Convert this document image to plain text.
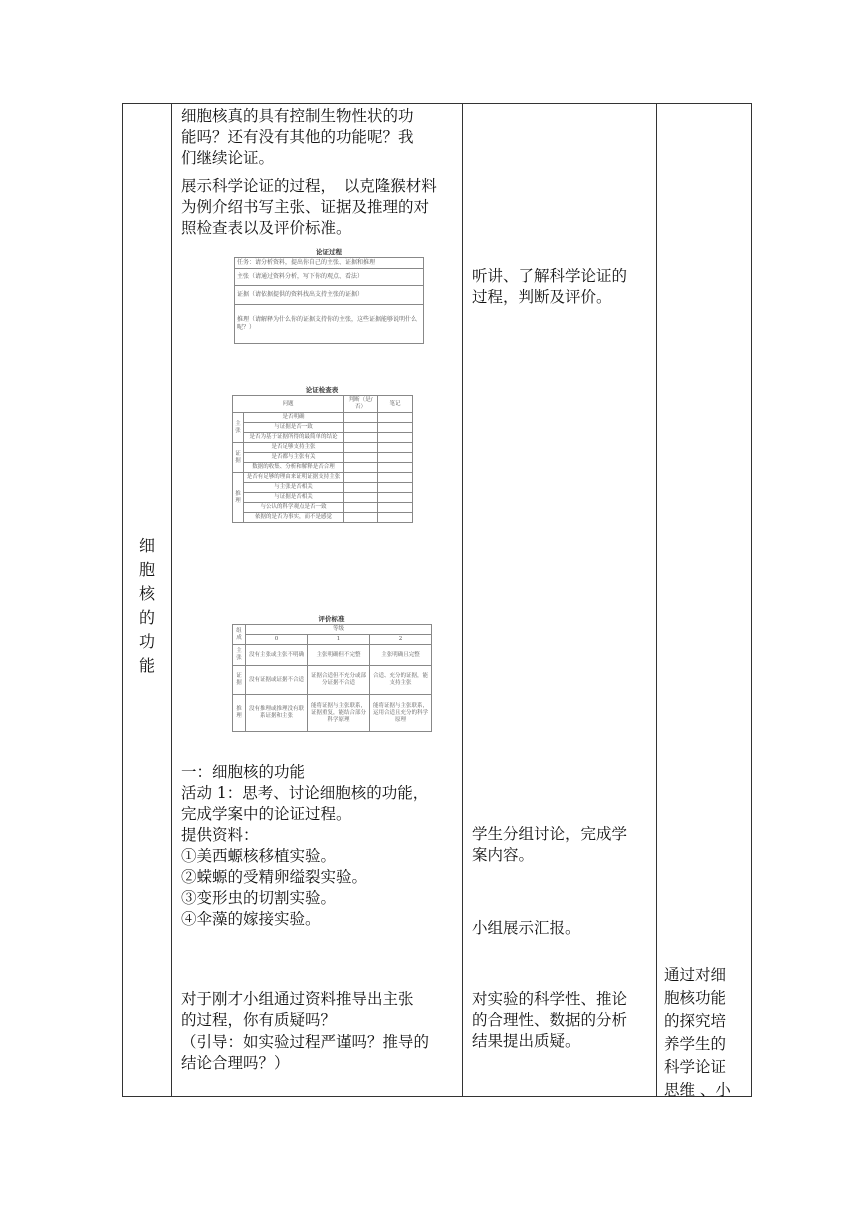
细
胞
核
的
功
能

细胞核真的具有控制生物性状的功
能吗？还有没有其他的功能呢？我
们继续论证。
展示科学论证的过程，　以克隆猴材料
为例介绍书写主张、证据及推理的对
照检查表以及评价标准。
论证过程
任务：请分析资料，提出你自己的主张、证据和推理
主张（请通过资料分析，写下你的观点、看法）
证据（请依据提供的资料找出支持主张的证据）
推理（请解释为什么你的证据支持你的主张，这些证据能够说明什么呢？）
论证检查表
问题	判断（是/否）	笔记
主张	是否明确		
与证据是否一致		
是否为基于证据所得的最简单的结论		
证据	是否足够支持主张		
是否都与主张有关		
数据的收集、分析和解释是否合理		
推理	是否有足够的理由来证明证据支持主张		
与主张是否相关		
与证据是否相关		
与公认的科学观点是否一致		
依据的是否为事实，而不是感觉		
评价标准
组成	等级
0	1	2
主张	没有主张或主张不明确	主张明确但不完整	主张明确且完整
证据	没有证据或证据不合适	证据合适但不充分或部分证据不合适	合适、充分的证据，能支持主张
推理	没有推理或推理没有联系证据和主张	能将证据与主张联系，证据重复，能结合部分科学原理	能将证据与主张联系，运用合适且充分的科学原理
一：细胞核的功能
活动 1：思考、讨论细胞核的功能，
完成学案中的论证过程。
提供资料：
①美西螈核移植实验。
②蝾螈的受精卵缢裂实验。
③变形虫的切割实验。
④伞藻的嫁接实验。
对于刚才小组通过资料推导出主张
的过程，你有质疑吗？
（引导：如实验过程严谨吗？推导的
结论合理吗？）

听讲、了解科学论证的
过程，判断及评价。
学生分组讨论，完成学
案内容。
小组展示汇报。
对实验的科学性、推论
的合理性、数据的分析
结果提出质疑。

通过对细
胞核功能
的探究培
养学生的
科学论证
思维 、小
